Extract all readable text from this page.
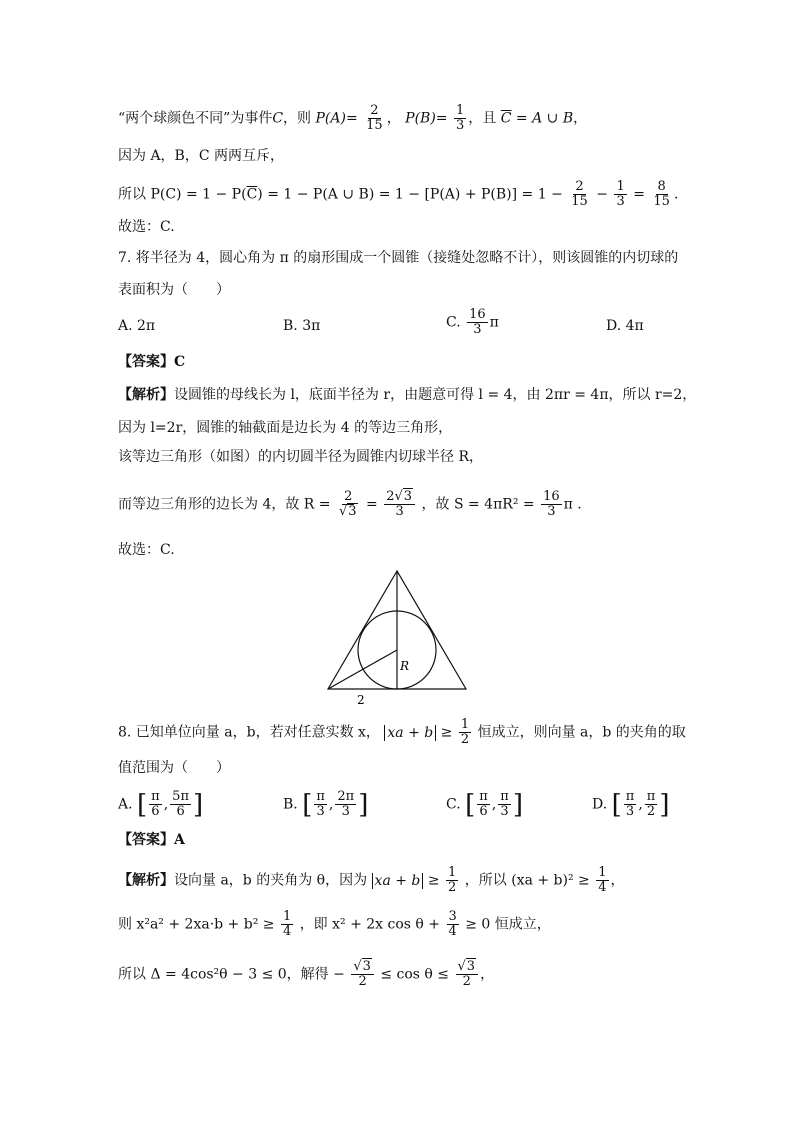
“两个球颜色不同”为事件C，则 $P(A)= \frac{2}{15}$ ， $P(B)= \frac{1}{3}$ ，且 $\overline{C} = A$ ∪ B，
因为 A，B，C 两两互斥，
所以 $P(C) = 1 - P(\overline{C}) = 1 - P(A$ ∪ $B) = 1 - [P(A) + P(B)] = 1 - \frac{2}{15} - \frac{1}{3} = \frac{8}{15}$ .
故选：C.
7. 将半径为 4，圆心角为 π 的扇形围成一个圆锥（接缝处忽略不计），则该圆锥的内切球的
表面积为（　　）
A. 2π	B. 3π	C. $\frac{16}{3}$ π	D. 4π
【答案】C
【解析】设圆锥的母线长为 l，底面半径为 r，由题意可得 l = 4，由 2πr = 4π，所以 r=2，
因为 l=2r，圆锥的轴截面是边长为 4 的等边三角形，
该等边三角形（如图）的内切圆半径为圆锥内切球半径 R，
而等边三角形的边长为 4，故 $R = \frac{2}{√3} = \frac{2√3}{3}$ ，故 $S = 4\pi R^2 = \frac{16}{3}$ π .
故选：C.
R
2
8. 已知单位向量 a，b，若对任意实数 x， xa + $b \ge \frac{1}{2}$ 恒成立，则向量 a，b 的夹角的取
值范围为（　　）
A. [ $\frac{\pi}{6}$ , $\frac{5\pi}{6}$ ]	B. [ $\frac{\pi}{3}$ , $\frac{2\pi}{3}$ ]	C. [ $\frac{\pi}{6}$ , $\frac{\pi}{3}$ ]	D. [ $\frac{\pi}{3}$ , $\frac{\pi}{2}$ ]
【答案】A
【解析】设向量 a，b 的夹角为 θ，因为 xa + $b \ge \frac{1}{2}$ ，所以 $(xa + b)^2 \ge \frac{1}{4}$ ，
则 $x^2a^2 + 2xa\cdot b + b^2 \ge \frac{1}{4}$ ，即 x² + 2x $\cos \theta + \frac{3}{4} \ge 0$ 恒成立，
所以 Δ = 4cos²θ − 3 ≤ 0，解得 − $\frac{√3}{2} \le \cos \theta \le \frac{√3}{2}$ ，
